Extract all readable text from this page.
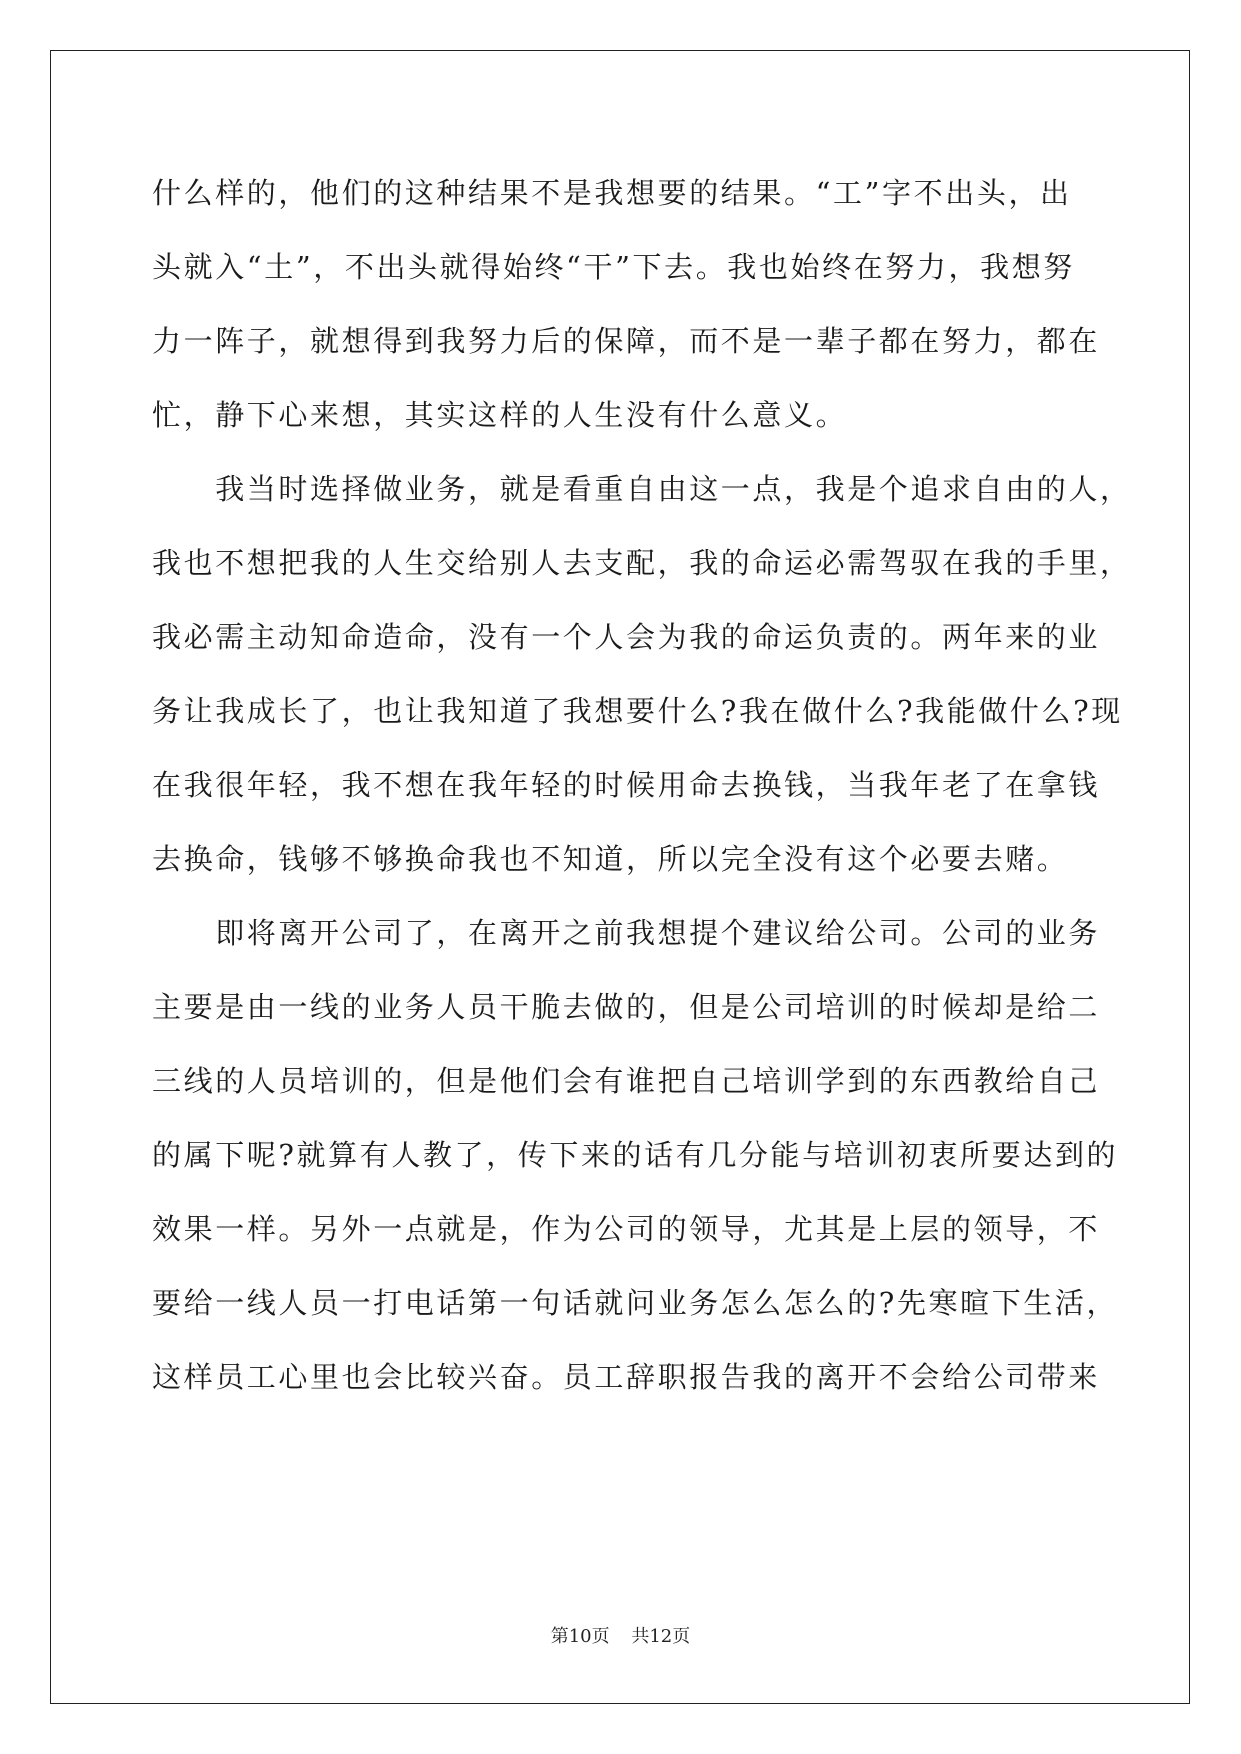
什么样的，他们的这种结果不是我想要的结果。“工”字不出头，出
头就入“土”，不出头就得始终“干”下去。我也始终在努力，我想努
力一阵子，就想得到我努力后的保障，而不是一辈子都在努力，都在
忙，静下心来想，其实这样的人生没有什么意义。
　　我当时选择做业务，就是看重自由这一点，我是个追求自由的人，
我也不想把我的人生交给别人去支配，我的命运必需驾驭在我的手里，
我必需主动知命造命，没有一个人会为我的命运负责的。两年来的业
务让我成长了，也让我知道了我想要什么?我在做什么?我能做什么?现
在我很年轻，我不想在我年轻的时候用命去换钱，当我年老了在拿钱
去换命，钱够不够换命我也不知道，所以完全没有这个必要去赌。
　　即将离开公司了，在离开之前我想提个建议给公司。公司的业务
主要是由一线的业务人员干脆去做的，但是公司培训的时候却是给二
三线的人员培训的，但是他们会有谁把自己培训学到的东西教给自己
的属下呢?就算有人教了，传下来的话有几分能与培训初衷所要达到的
效果一样。另外一点就是，作为公司的领导，尤其是上层的领导，不
要给一线人员一打电话第一句话就问业务怎么怎么的?先寒暄下生活，
这样员工心里也会比较兴奋。员工辞职报告我的离开不会给公司带来
第10页 共12页
